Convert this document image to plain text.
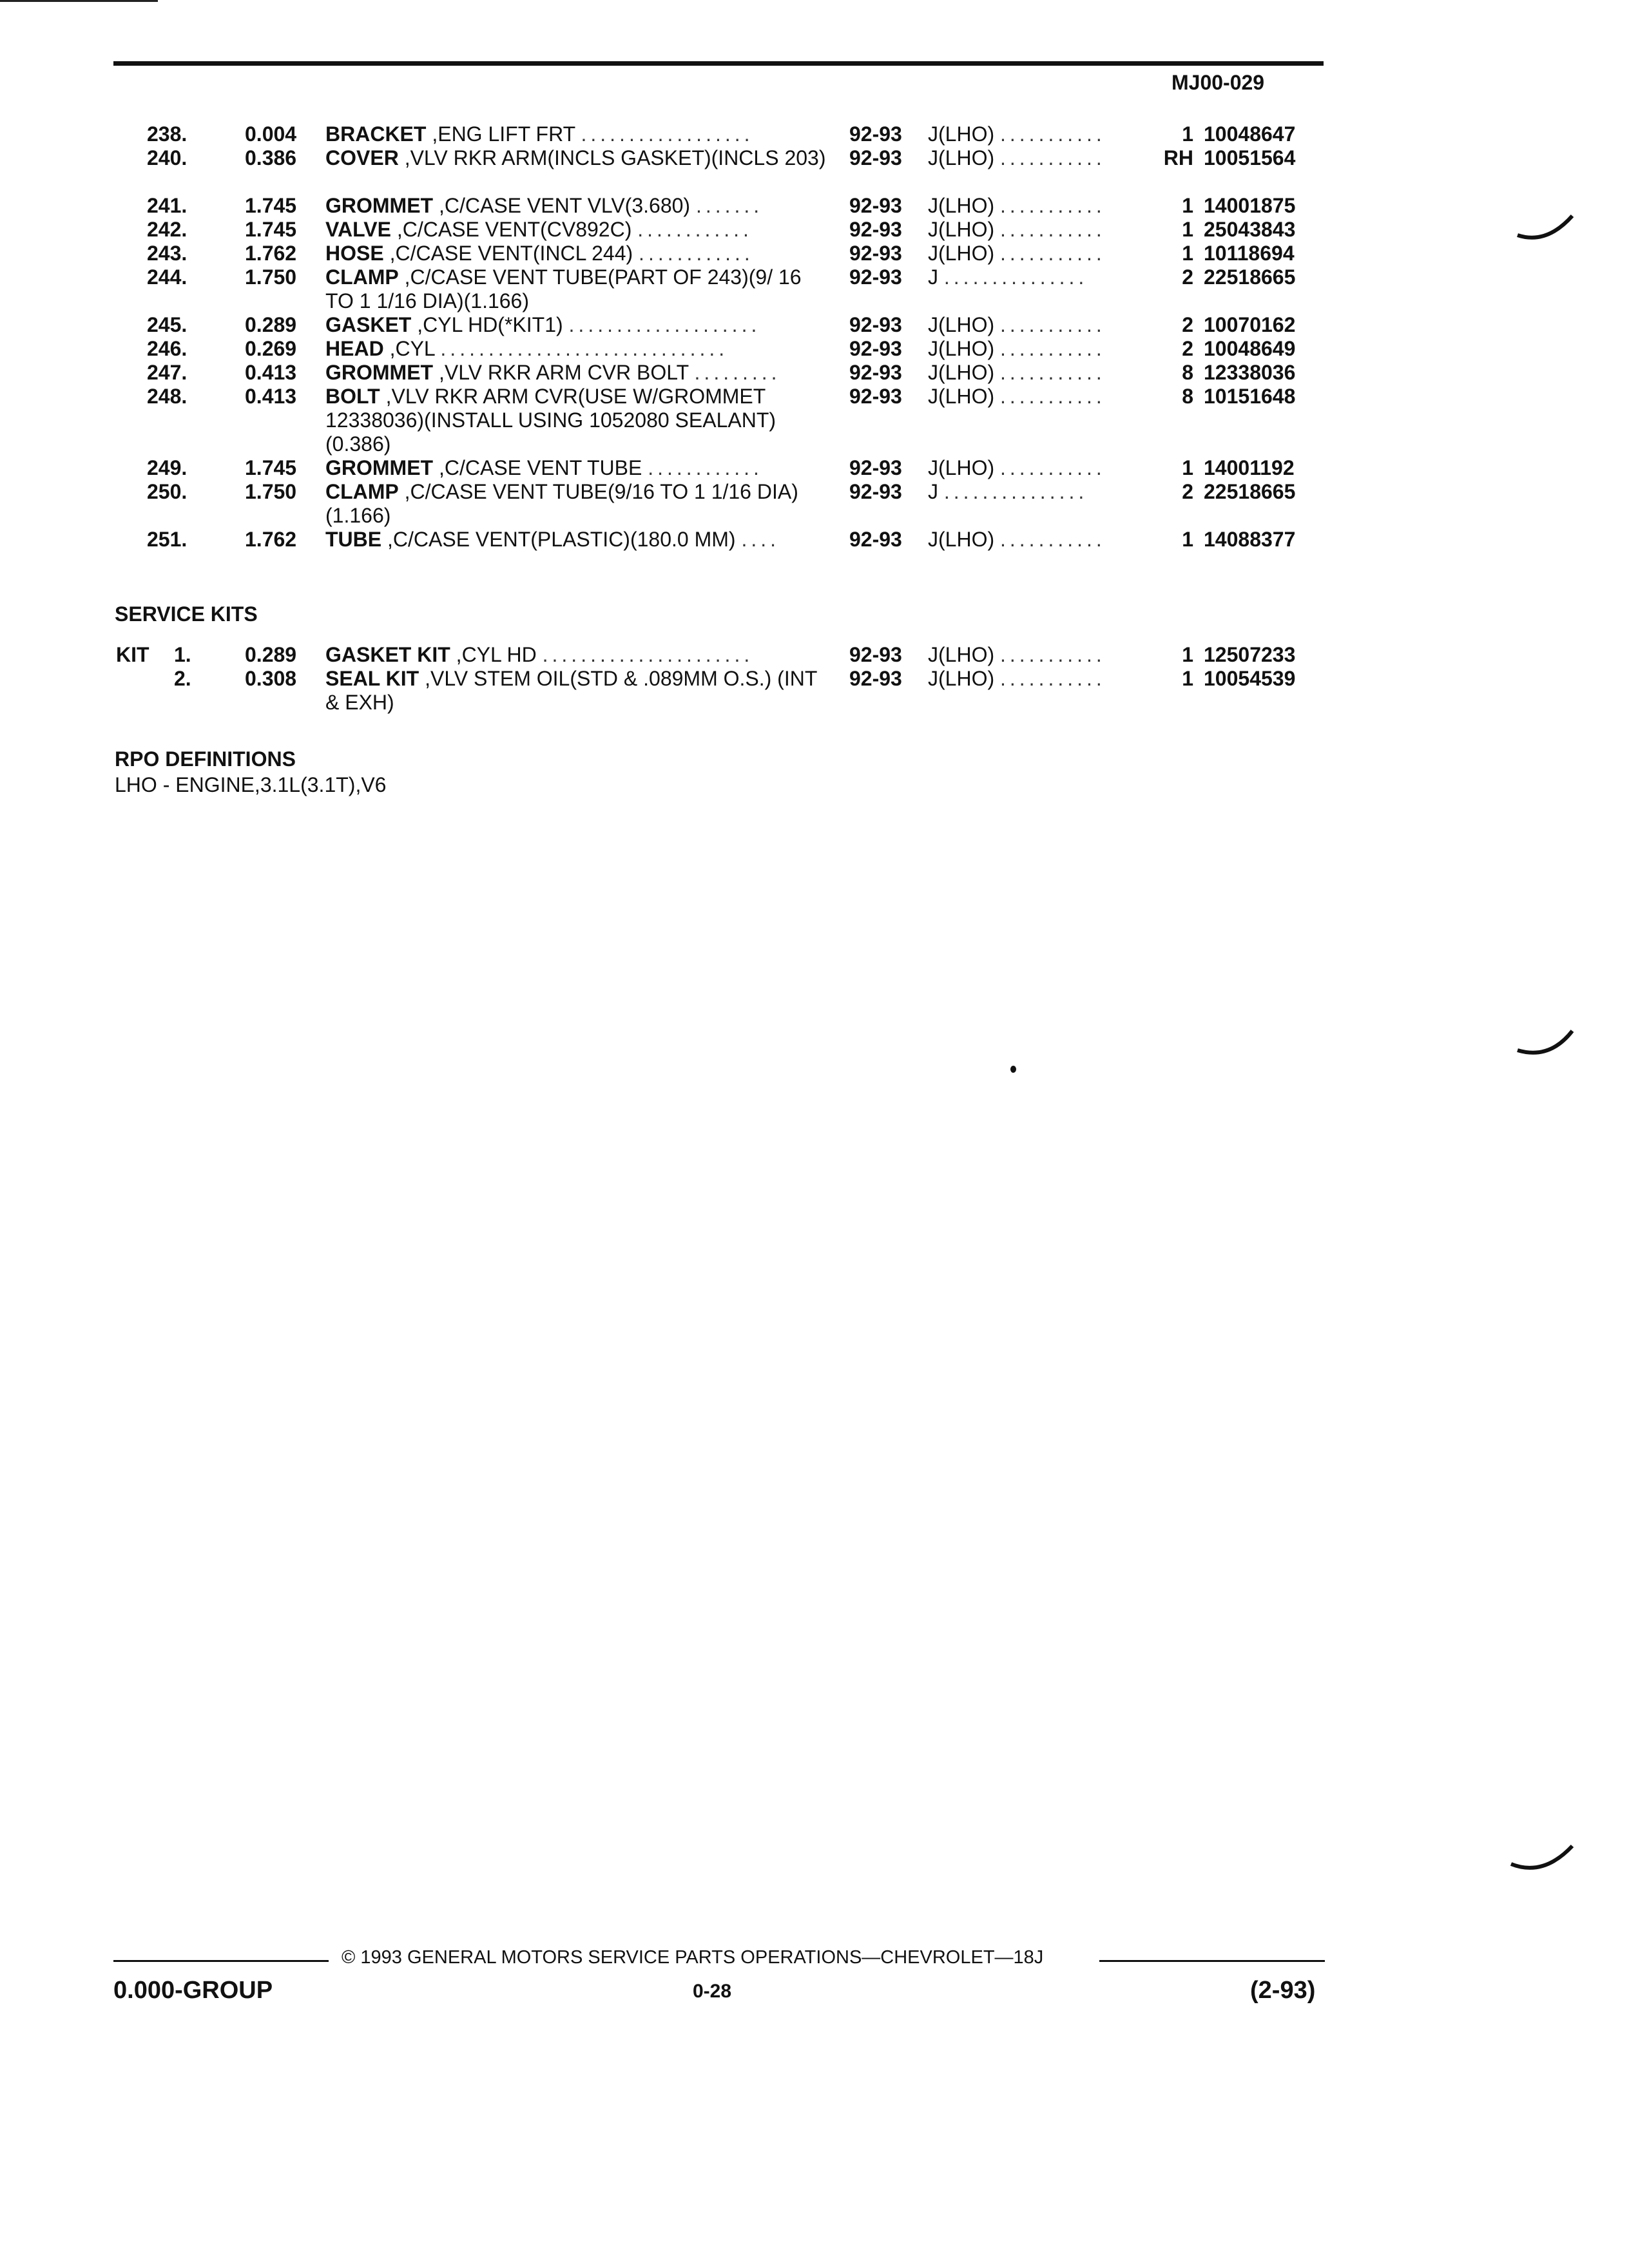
MJ00-029
238.	0.004 BRACKET ,ENG LIFT FRT ..................	92-93 J(LHO) ...........	1 10048647
240.	0.386 COVER ,VLV RKR ARM(INCLS GASKET)(INCLS 203) 92-93 J(LHO) ...........	RH 10051564
241.	1.745 GROMMET ,C/CASE VENT VLV(3.680) .......	92-93 J(LHO) ...........	1 14001875
242.	1.745 VALVE ,C/CASE VENT(CV892C) ............	92-93 J(LHO) ...........	1 25043843
243.	1.762 HOSE ,C/CASE VENT(INCL 244) ............	92-93 J(LHO) ...........	1 10118694
244.	1.750 CLAMP ,C/CASE VENT TUBE(PART OF 243)(9/ 16 TO 1 1/16 DIA)(1.166)
92-93 J ...............	2 22518665
245.	0.289 GASKET ,CYL HD(*KIT1) ....................	92-93 J(LHO) ...........	2 10070162
246.	0.269 HEAD ,CYL ..............................	92-93 J(LHO) ...........	2 10048649
247.	0.413 GROMMET ,VLV RKR ARM CVR BOLT .........	92-93 J(LHO) ...........	8 12338036
248.	0.413 BOLT ,VLV RKR ARM CVR(USE W/GROMMET 12338036)(INSTALL USING 1052080 SEALANT)(0.386)
92-93 J(LHO) ...........	8 10151648
249.	1.745 GROMMET ,C/CASE VENT TUBE ............	92-93 J(LHO) ...........	1 14001192
250.	1.750 CLAMP ,C/CASE VENT TUBE(9/16 TO 1 1/16 DIA)(1.166)
92-93 J ...............	2 22518665
251.	1.762 TUBE ,C/CASE VENT(PLASTIC)(180.0 MM) ....	92-93 J(LHO) ...........	1 14088377
SERVICE KITS
KIT 1.	0.289 GASKET KIT ,CYL HD ......................	92-93 J(LHO) ...........	1 12507233
2.	0.308 SEAL KIT ,VLV STEM OIL(STD & .089MM O.S.) (INT & EXH)
92-93 J(LHO) ...........	1 10054539
RPO DEFINITIONS
LHO - ENGINE,3.1L(3.1T),V6
© 1993 GENERAL MOTORS SERVICE PARTS OPERATIONS—CHEVROLET—18J
0.000-GROUP	0-28	(2-93)
